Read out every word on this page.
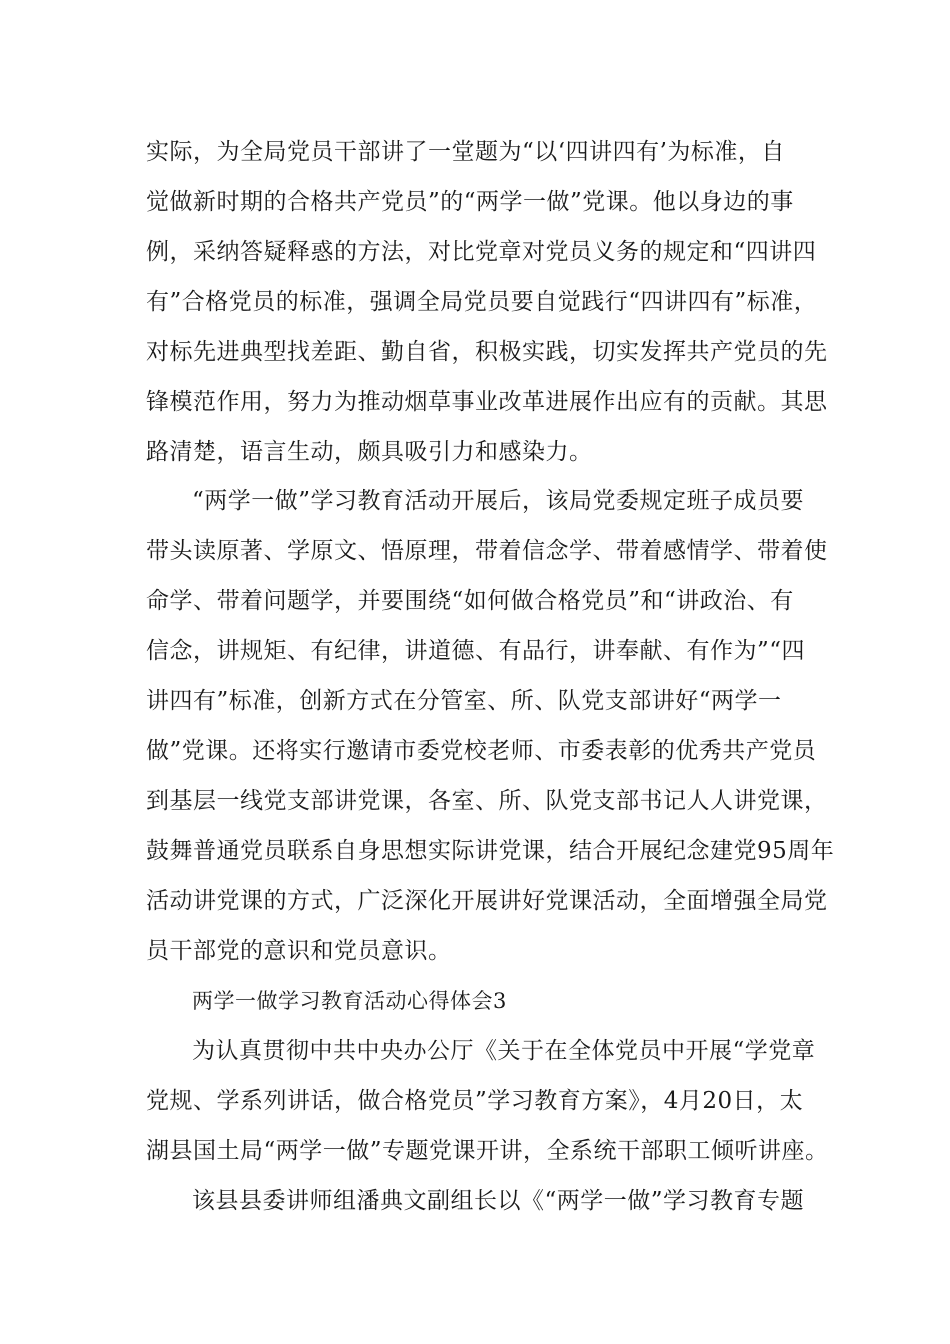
实际，为全局党员干部讲了一堂题为“以‘四讲四有’为标准，自
觉做新时期的合格共产党员”的“两学一做”党课。他以身边的事
例，采纳答疑释惑的方法，对比党章对党员义务的规定和“四讲四
有”合格党员的标准，强调全局党员要自觉践行“四讲四有”标准，
对标先进典型找差距、勤自省，积极实践，切实发挥共产党员的先
锋模范作用，努力为推动烟草事业改革进展作出应有的贡献。其思
路清楚，语言生动，颇具吸引力和感染力。
“两学一做”学习教育活动开展后，该局党委规定班子成员要
带头读原著、学原文、悟原理，带着信念学、带着感情学、带着使
命学、带着问题学，并要围绕“如何做合格党员”和“讲政治、有
信念，讲规矩、有纪律，讲道德、有品行，讲奉献、有作为”“四
讲四有”标准，创新方式在分管室、所、队党支部讲好“两学一
做”党课。还将实行邀请市委党校老师、市委表彰的优秀共产党员
到基层一线党支部讲党课，各室、所、队党支部书记人人讲党课，
鼓舞普通党员联系自身思想实际讲党课，结合开展纪念建党95周年
活动讲党课的方式，广泛深化开展讲好党课活动，全面增强全局党
员干部党的意识和党员意识。
两学一做学习教育活动心得体会3
为认真贯彻中共中央办公厅《关于在全体党员中开展“学党章
党规、学系列讲话，做合格党员”学习教育方案》，4月20日，太
湖县国土局“两学一做”专题党课开讲，全系统干部职工倾听讲座。
该县县委讲师组潘典文副组长以《“两学一做”学习教育专题
